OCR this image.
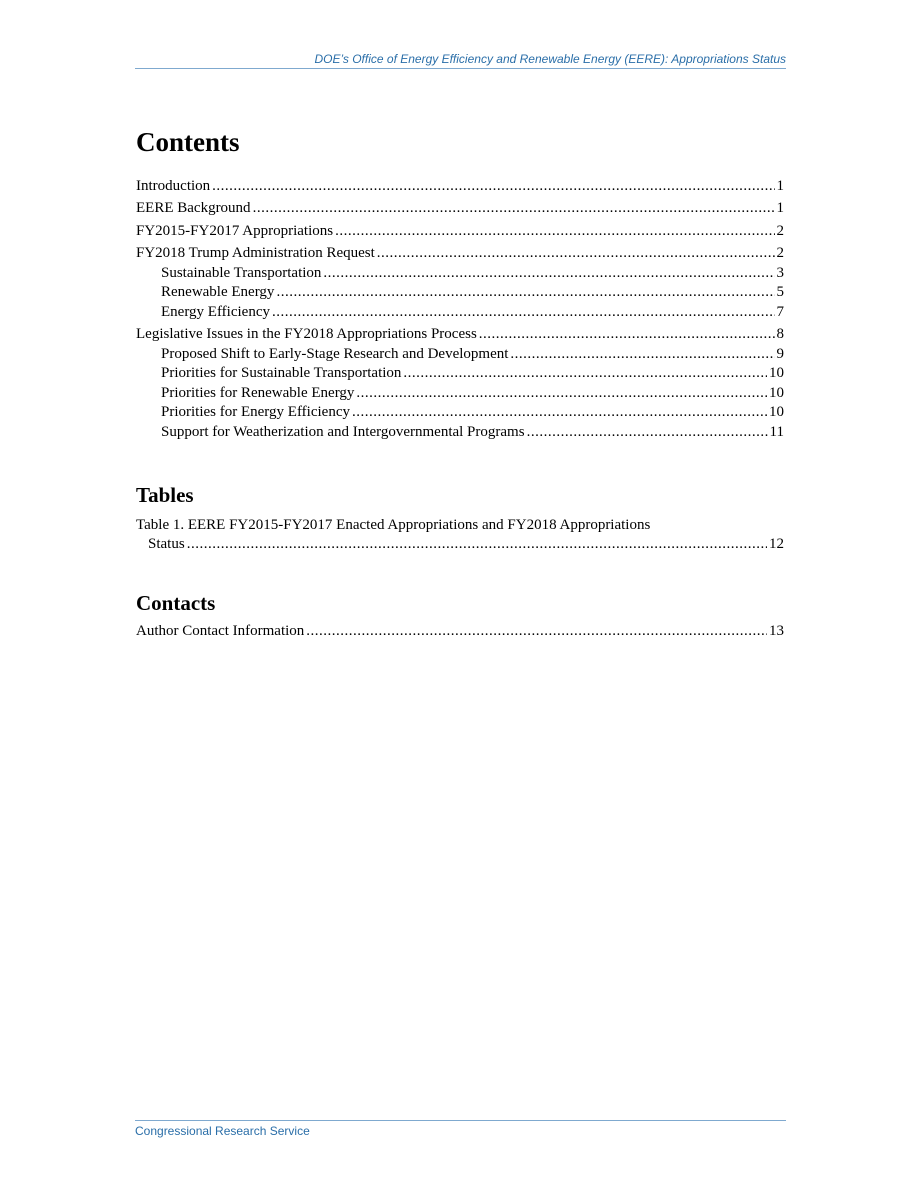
DOE’s Office of Energy Efficiency and Renewable Energy (EERE): Appropriations Status
Contents
Introduction .....	1
EERE Background .....	1
FY2015-FY2017 Appropriations .....	2
FY2018 Trump Administration Request .....	2
Sustainable Transportation .....	3
Renewable Energy .....	5
Energy Efficiency .....	7
Legislative Issues in the FY2018 Appropriations Process .....	8
Proposed Shift to Early-Stage Research and Development .....	9
Priorities for Sustainable Transportation .....	10
Priorities for Renewable Energy .....	10
Priorities for Energy Efficiency .....	10
Support for Weatherization and Intergovernmental Programs .....	11
Tables
Table 1. EERE FY2015-FY2017 Enacted Appropriations and FY2018 Appropriations
Status .....	12
Contacts
Author Contact Information .....	13
Congressional Research Service
